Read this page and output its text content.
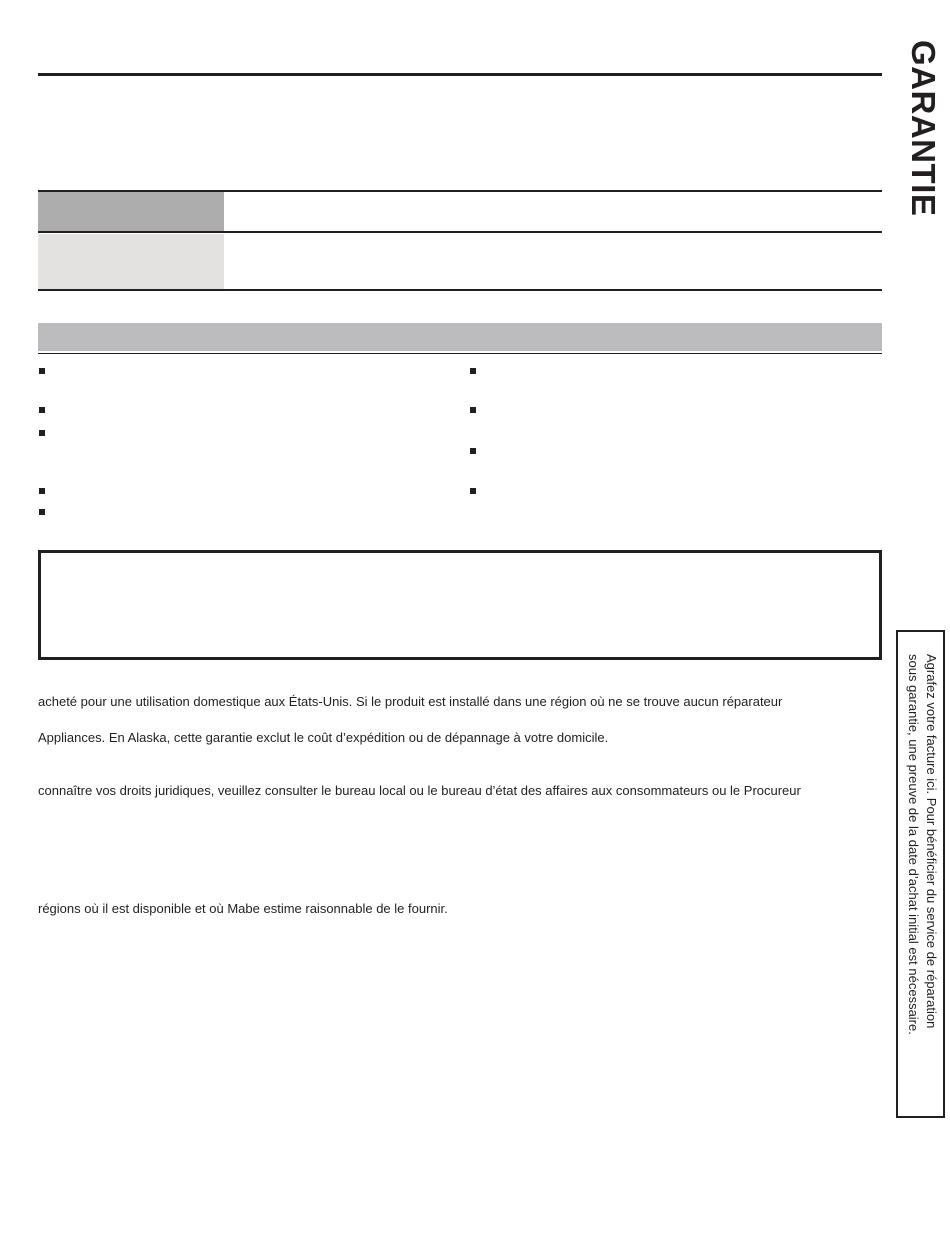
GARANTIE
acheté pour une utilisation domestique aux États-Unis. Si le produit est installé dans une région où ne se trouve aucun réparateur
Appliances. En Alaska, cette garantie exclut le coût d’expédition ou de dépannage à votre domicile.
connaître vos droits juridiques, veuillez consulter le bureau local ou le bureau d’état des affaires aux consommateurs ou le Procureur
régions où il est disponible et où Mabe estime raisonnable de le fournir.	Agrafez votre facture ici. Pour bénéficier du service de réparation
sous garantie, une preuve de la date d’achat initial est nécessaire.
